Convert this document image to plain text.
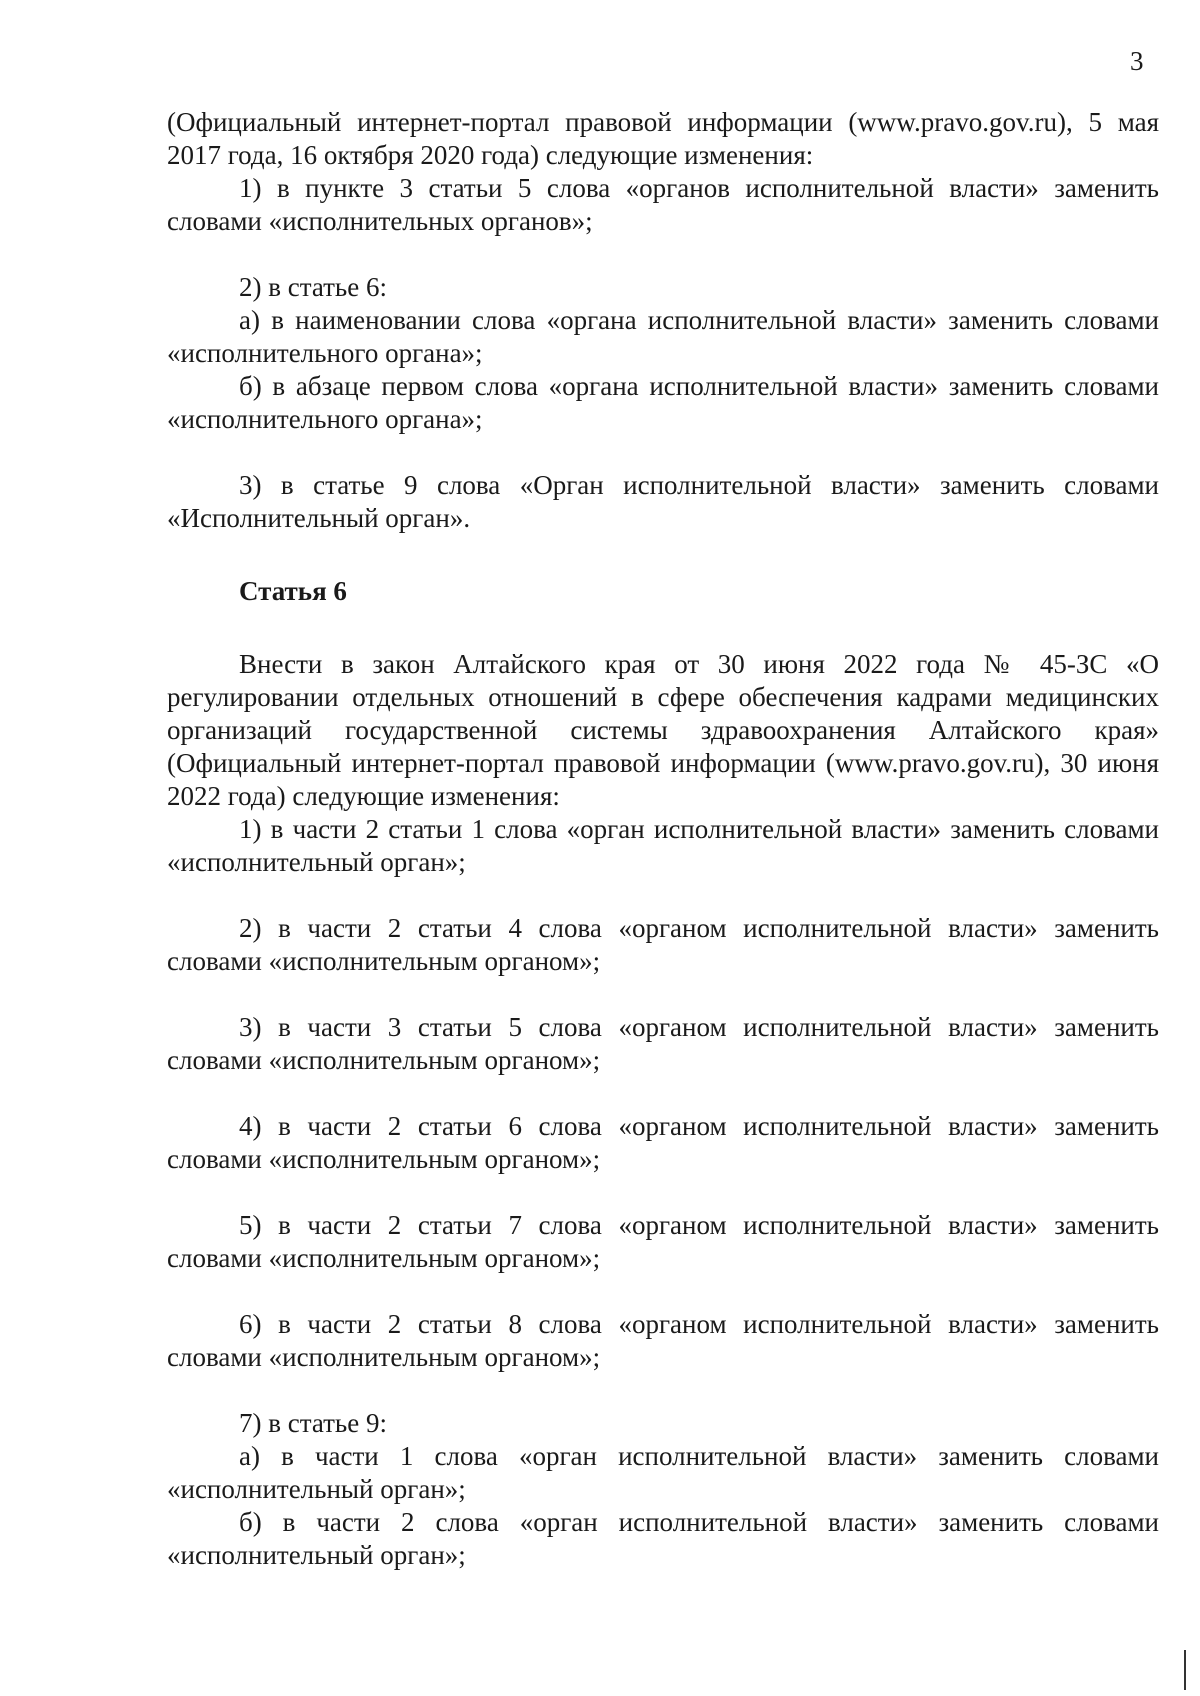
3

(Официальный интернет-портал правовой информации (www.pravo.gov.ru), 5 мая 2017 года, 16 октября 2020 года) следующие изменения:

1) в пункте 3 статьи 5 слова «органов исполнительной власти» заменить словами «исполнительных органов»;

2) в статье 6:

а) в наименовании слова «органа исполнительной власти» заменить словами «исполнительного органа»;

б) в абзаце первом слова «органа исполнительной власти» заменить словами «исполнительного органа»;

3) в статье 9 слова «Орган исполнительной власти» заменить словами «Исполнительный орган».

Статья 6

Внести в закон Алтайского края от 30 июня 2022 года № 45-ЗС «О регулировании отдельных отношений в сфере обеспечения кадрами медицинских организаций государственной системы здравоохранения Алтайского края» (Официальный интернет-портал правовой информации (www.pravo.gov.ru), 30 июня 2022 года) следующие изменения:

1) в части 2 статьи 1 слова «орган исполнительной власти» заменить словами «исполнительный орган»;

2) в части 2 статьи 4 слова «органом исполнительной власти» заменить словами «исполнительным органом»;

3) в части 3 статьи 5 слова «органом исполнительной власти» заменить словами «исполнительным органом»;

4) в части 2 статьи 6 слова «органом исполнительной власти» заменить словами «исполнительным органом»;

5) в части 2 статьи 7 слова «органом исполнительной власти» заменить словами «исполнительным органом»;

6) в части 2 статьи 8 слова «органом исполнительной власти» заменить словами «исполнительным органом»;

7) в статье 9:

а) в части 1 слова «орган исполнительной власти» заменить словами «исполнительный орган»;

б) в части 2 слова «орган исполнительной власти» заменить словами «исполнительный орган»;
